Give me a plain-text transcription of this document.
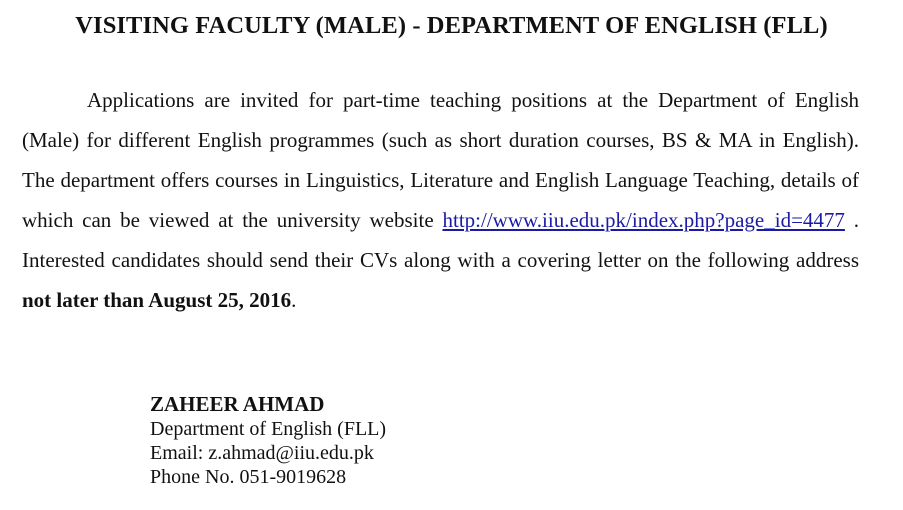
VISITING FACULTY (MALE) - DEPARTMENT OF ENGLISH (FLL)

Applications are invited for part-time teaching positions at the Department of English (Male) for different English programmes (such as short duration courses, BS & MA in English). The department offers courses in Linguistics, Literature and English Language Teaching, details of which can be viewed at the university website http://www.iiu.edu.pk/index.php?page_id=4477 . Interested candidates should send their CVs along with a covering letter on the following address not later than August 25, 2016.

ZAHEER AHMAD
Department of English (FLL)
Email: z.ahmad@iiu.edu.pk
Phone No. 051-9019628
